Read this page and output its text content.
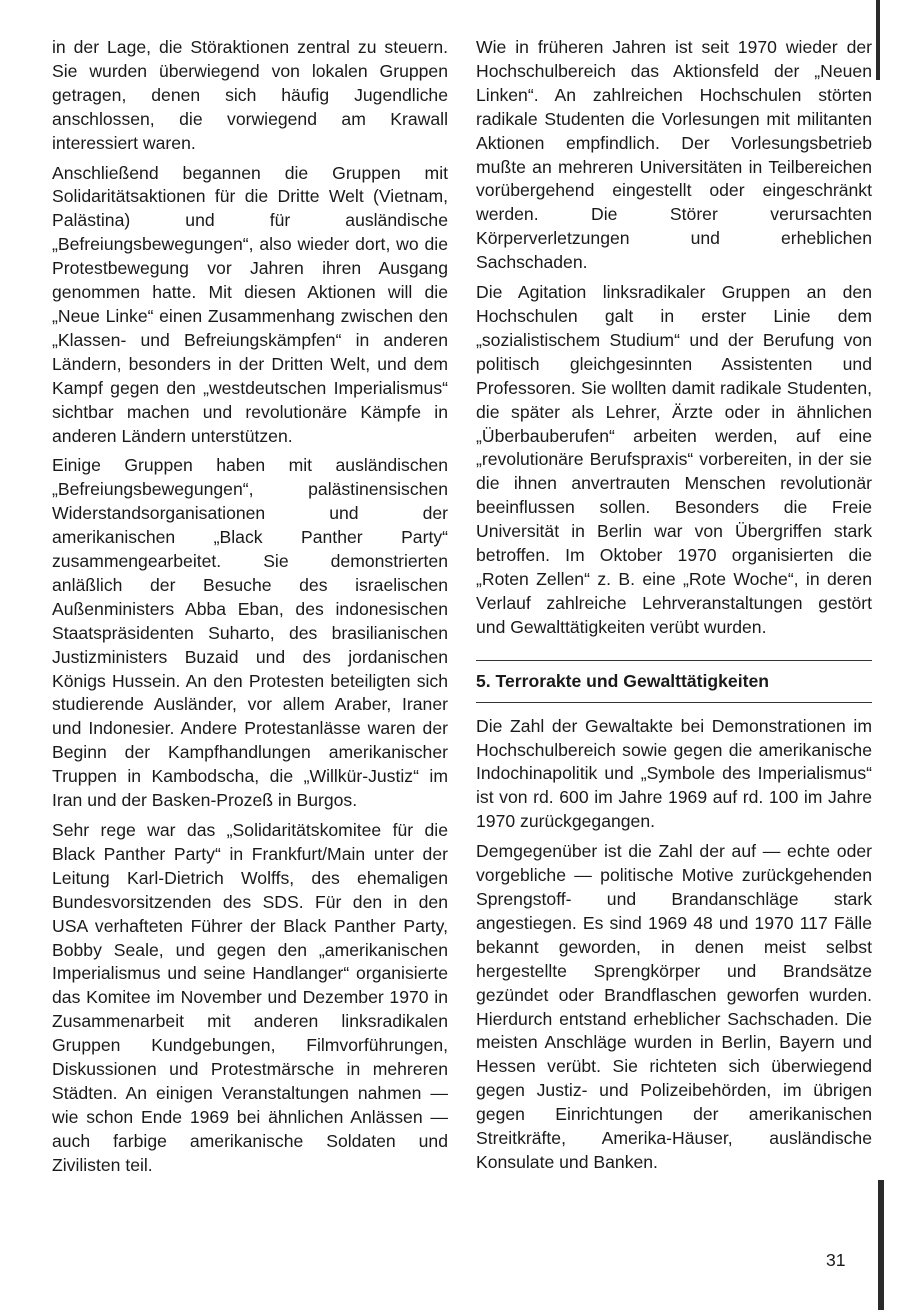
in der Lage, die Störaktionen zentral zu steuern. Sie wurden überwiegend von lokalen Gruppen getragen, denen sich häufig Jugendliche anschlossen, die vorwiegend am Krawall interessiert waren.

Anschließend begannen die Gruppen mit Solidaritätsaktionen für die Dritte Welt (Vietnam, Palästina) und für ausländische „Befreiungsbewegungen“, also wieder dort, wo die Protestbewegung vor Jahren ihren Ausgang genommen hatte. Mit diesen Aktionen will die „Neue Linke“ einen Zusammenhang zwischen den „Klassen- und Befreiungskämpfen“ in anderen Ländern, besonders in der Dritten Welt, und dem Kampf gegen den „westdeutschen Imperialismus“ sichtbar machen und revolutionäre Kämpfe in anderen Ländern unterstützen.

Einige Gruppen haben mit ausländischen „Befreiungsbewegungen“, palästinensischen Widerstandsorganisationen und der amerikanischen „Black Panther Party“ zusammengearbeitet. Sie demonstrierten anläßlich der Besuche des israelischen Außenministers Abba Eban, des indonesischen Staatspräsidenten Suharto, des brasilianischen Justizministers Buzaid und des jordanischen Königs Hussein. An den Protesten beteiligten sich studierende Ausländer, vor allem Araber, Iraner und Indonesier. Andere Protestanlässe waren der Beginn der Kampfhandlungen amerikanischer Truppen in Kambodscha, die „Willkür-Justiz“ im Iran und der Basken-Prozeß in Burgos.

Sehr rege war das „Solidaritätskomitee für die Black Panther Party“ in Frankfurt/Main unter der Leitung Karl-Dietrich Wolffs, des ehemaligen Bundesvorsitzenden des SDS. Für den in den USA verhafteten Führer der Black Panther Party, Bobby Seale, und gegen den „amerikanischen Imperialismus und seine Handlanger“ organisierte das Komitee im November und Dezember 1970 in Zusammenarbeit mit anderen linksradikalen Gruppen Kundgebungen, Filmvorführungen, Diskussionen und Protestmärsche in mehreren Städten. An einigen Veranstaltungen nahmen — wie schon Ende 1969 bei ähnlichen Anlässen — auch farbige amerikanische Soldaten und Zivilisten teil.

Wie in früheren Jahren ist seit 1970 wieder der Hochschulbereich das Aktionsfeld der „Neuen Linken“. An zahlreichen Hochschulen störten radikale Studenten die Vorlesungen mit militanten Aktionen empfindlich. Der Vorlesungsbetrieb mußte an mehreren Universitäten in Teilbereichen vorübergehend eingestellt oder eingeschränkt werden. Die Störer verursachten Körperverletzungen und erheblichen Sachschaden.

Die Agitation linksradikaler Gruppen an den Hochschulen galt in erster Linie dem „sozialistischem Studium“ und der Berufung von politisch gleichgesinnten Assistenten und Professoren. Sie wollten damit radikale Studenten, die später als Lehrer, Ärzte oder in ähnlichen „Überbauberufen“ arbeiten werden, auf eine „revolutionäre Berufspraxis“ vorbereiten, in der sie die ihnen anvertrauten Menschen revolutionär beeinflussen sollen. Besonders die Freie Universität in Berlin war von Übergriffen stark betroffen. Im Oktober 1970 organisierten die „Roten Zellen“ z. B. eine „Rote Woche“, in deren Verlauf zahlreiche Lehrveranstaltungen gestört und Gewalttätigkeiten verübt wurden.

5. Terrorakte und Gewalttätigkeiten

Die Zahl der Gewaltakte bei Demonstrationen im Hochschulbereich sowie gegen die amerikanische Indochinapolitik und „Symbole des Imperialismus“ ist von rd. 600 im Jahre 1969 auf rd. 100 im Jahre 1970 zurückgegangen.

Demgegenüber ist die Zahl der auf — echte oder vorgebliche — politische Motive zurückgehenden Sprengstoff- und Brandanschläge stark angestiegen. Es sind 1969 48 und 1970 117 Fälle bekannt geworden, in denen meist selbst hergestellte Sprengkörper und Brandsätze gezündet oder Brandflaschen geworfen wurden. Hierdurch entstand erheblicher Sachschaden. Die meisten Anschläge wurden in Berlin, Bayern und Hessen verübt. Sie richteten sich überwiegend gegen Justiz- und Polizeibehörden, im übrigen gegen Einrichtungen der amerikanischen Streitkräfte, Amerika-Häuser, ausländische Konsulate und Banken.

31
